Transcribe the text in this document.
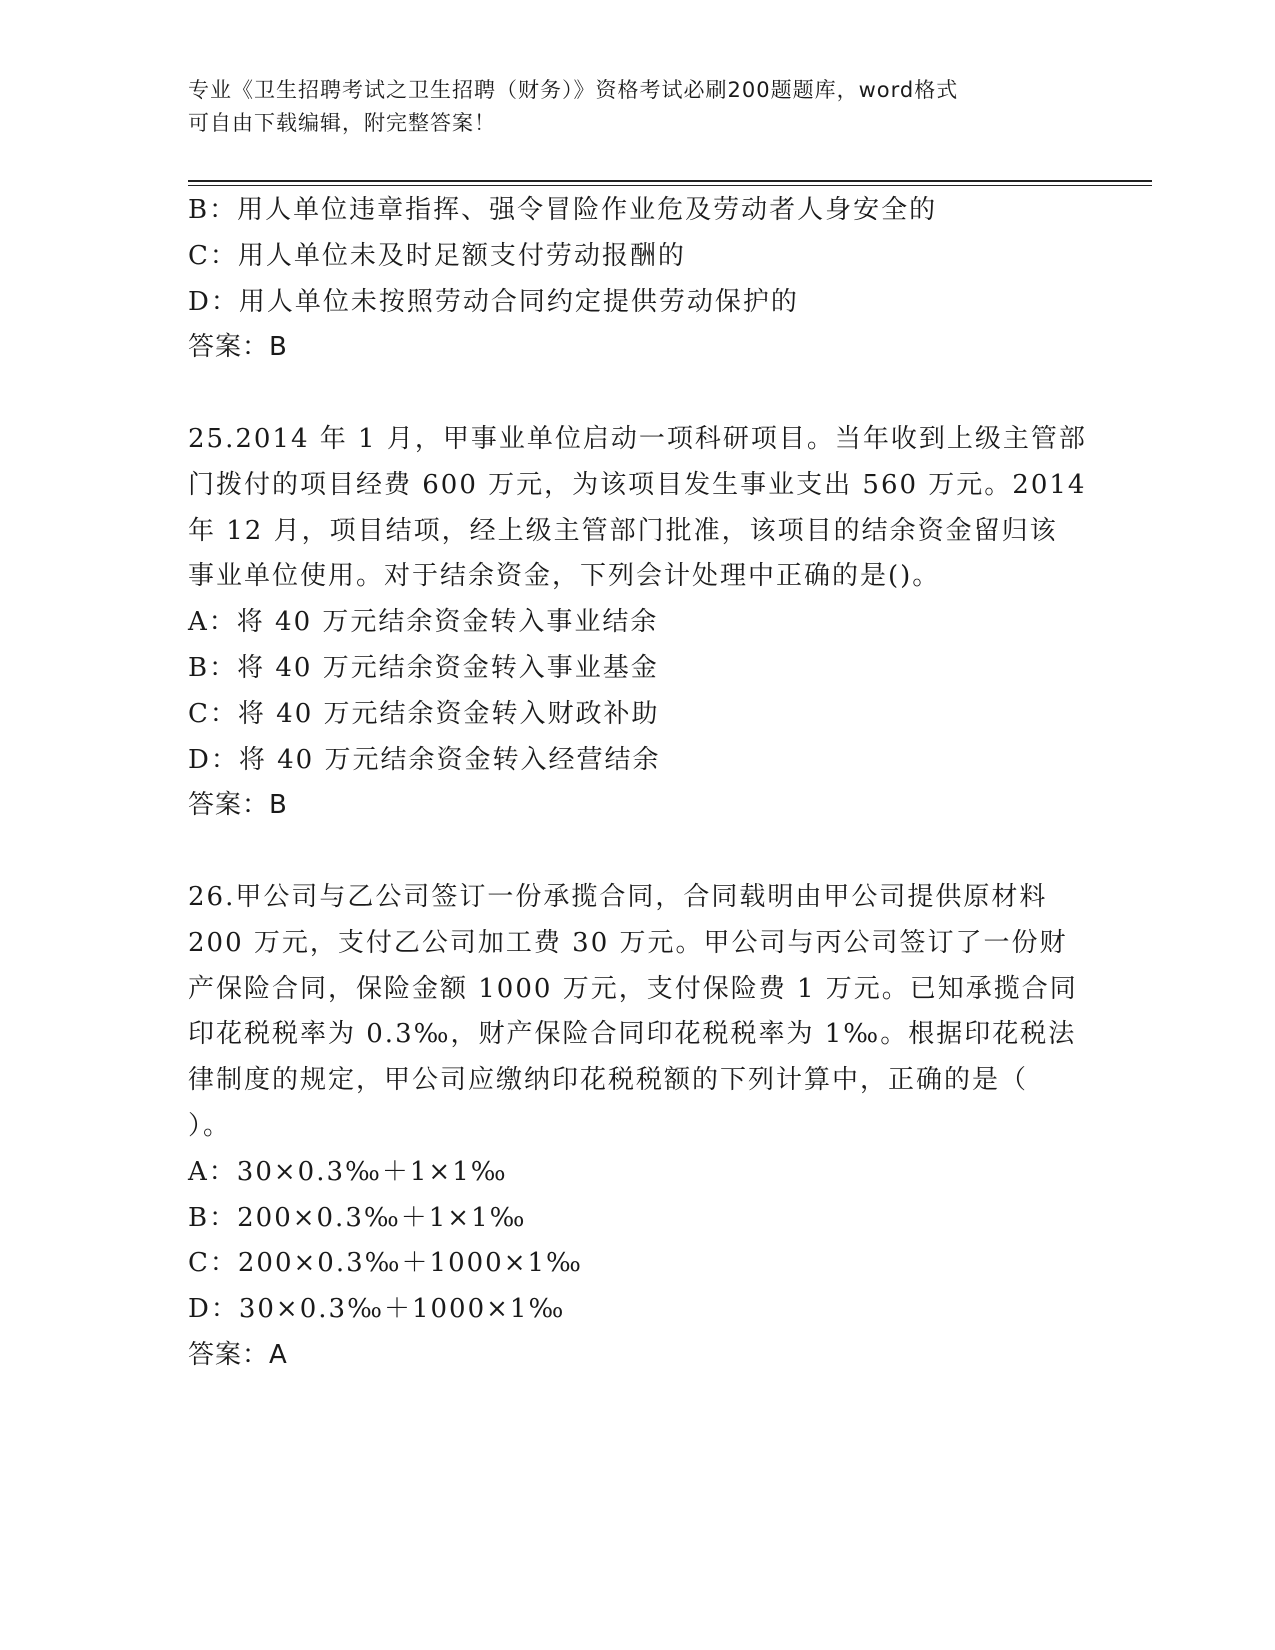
专业《卫生招聘考试之卫生招聘（财务）》资格考试必刷200题题库，word格式
可自由下载编辑，附完整答案！
B：用人单位违章指挥、强令冒险作业危及劳动者人身安全的
C：用人单位未及时足额支付劳动报酬的
D：用人单位未按照劳动合同约定提供劳动保护的
答案：B
25.2014 年 1 月，甲事业单位启动一项科研项目。当年收到上级主管部
门拨付的项目经费 600 万元，为该项目发生事业支出 560 万元。2014
年 12 月，项目结项，经上级主管部门批准，该项目的结余资金留归该
事业单位使用。对于结余资金，下列会计处理中正确的是()。
A：将 40 万元结余资金转入事业结余
B：将 40 万元结余资金转入事业基金
C：将 40 万元结余资金转入财政补助
D：将 40 万元结余资金转入经营结余
答案：B
26.甲公司与乙公司签订一份承揽合同，合同载明由甲公司提供原材料
200 万元，支付乙公司加工费 30 万元。甲公司与丙公司签订了一份财
产保险合同，保险金额 1000 万元，支付保险费 1 万元。已知承揽合同
印花税税率为 0.3‰，财产保险合同印花税税率为 1‰。根据印花税法
律制度的规定，甲公司应缴纳印花税税额的下列计算中，正确的是（
）。
A：30×0.3‰＋1×1‰
B：200×0.3‰＋1×1‰
C：200×0.3‰＋1000×1‰
D：30×0.3‰＋1000×1‰
答案：A
